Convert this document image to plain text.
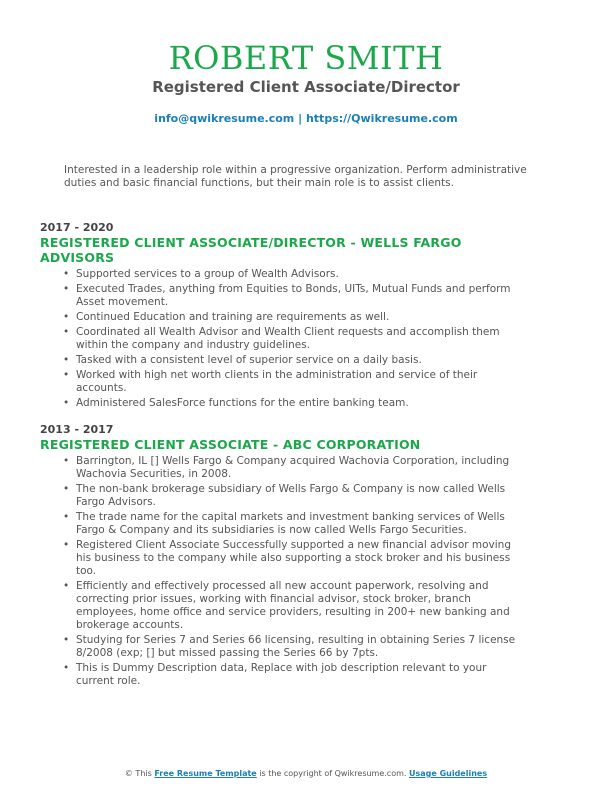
ROBERT SMITH
Registered Client Associate/Director
info@qwikresume.com | https://Qwikresume.com
Interested in a leadership role within a progressive organization. Perform administrative duties and basic financial functions, but their main role is to assist clients.
2017 - 2020
REGISTERED CLIENT ASSOCIATE/DIRECTOR - WELLS FARGO ADVISORS
• Supported services to a group of Wealth Advisors.
• Executed Trades, anything from Equities to Bonds, UITs, Mutual Funds and perform Asset movement.
• Continued Education and training are requirements as well.
• Coordinated all Wealth Advisor and Wealth Client requests and accomplish them within the company and industry guidelines.
• Tasked with a consistent level of superior service on a daily basis.
• Worked with high net worth clients in the administration and service of their accounts.
• Administered SalesForce functions for the entire banking team.
2013 - 2017
REGISTERED CLIENT ASSOCIATE - ABC CORPORATION
• Barrington, IL [] Wells Fargo & Company acquired Wachovia Corporation, including Wachovia Securities, in 2008.
• The non-bank brokerage subsidiary of Wells Fargo & Company is now called Wells Fargo Advisors.
• The trade name for the capital markets and investment banking services of Wells Fargo & Company and its subsidiaries is now called Wells Fargo Securities.
• Registered Client Associate Successfully supported a new financial advisor moving his business to the company while also supporting a stock broker and his business too.
• Efficiently and effectively processed all new account paperwork, resolving and correcting prior issues, working with financial advisor, stock broker, branch employees, home office and service providers, resulting in 200+ new banking and brokerage accounts.
• Studying for Series 7 and Series 66 licensing, resulting in obtaining Series 7 license 8/2008 (exp; [] but missed passing the Series 66 by 7pts.
• This is Dummy Description data, Replace with job description relevant to your current role.
© This Free Resume Template is the copyright of Qwikresume.com. Usage Guidelines
